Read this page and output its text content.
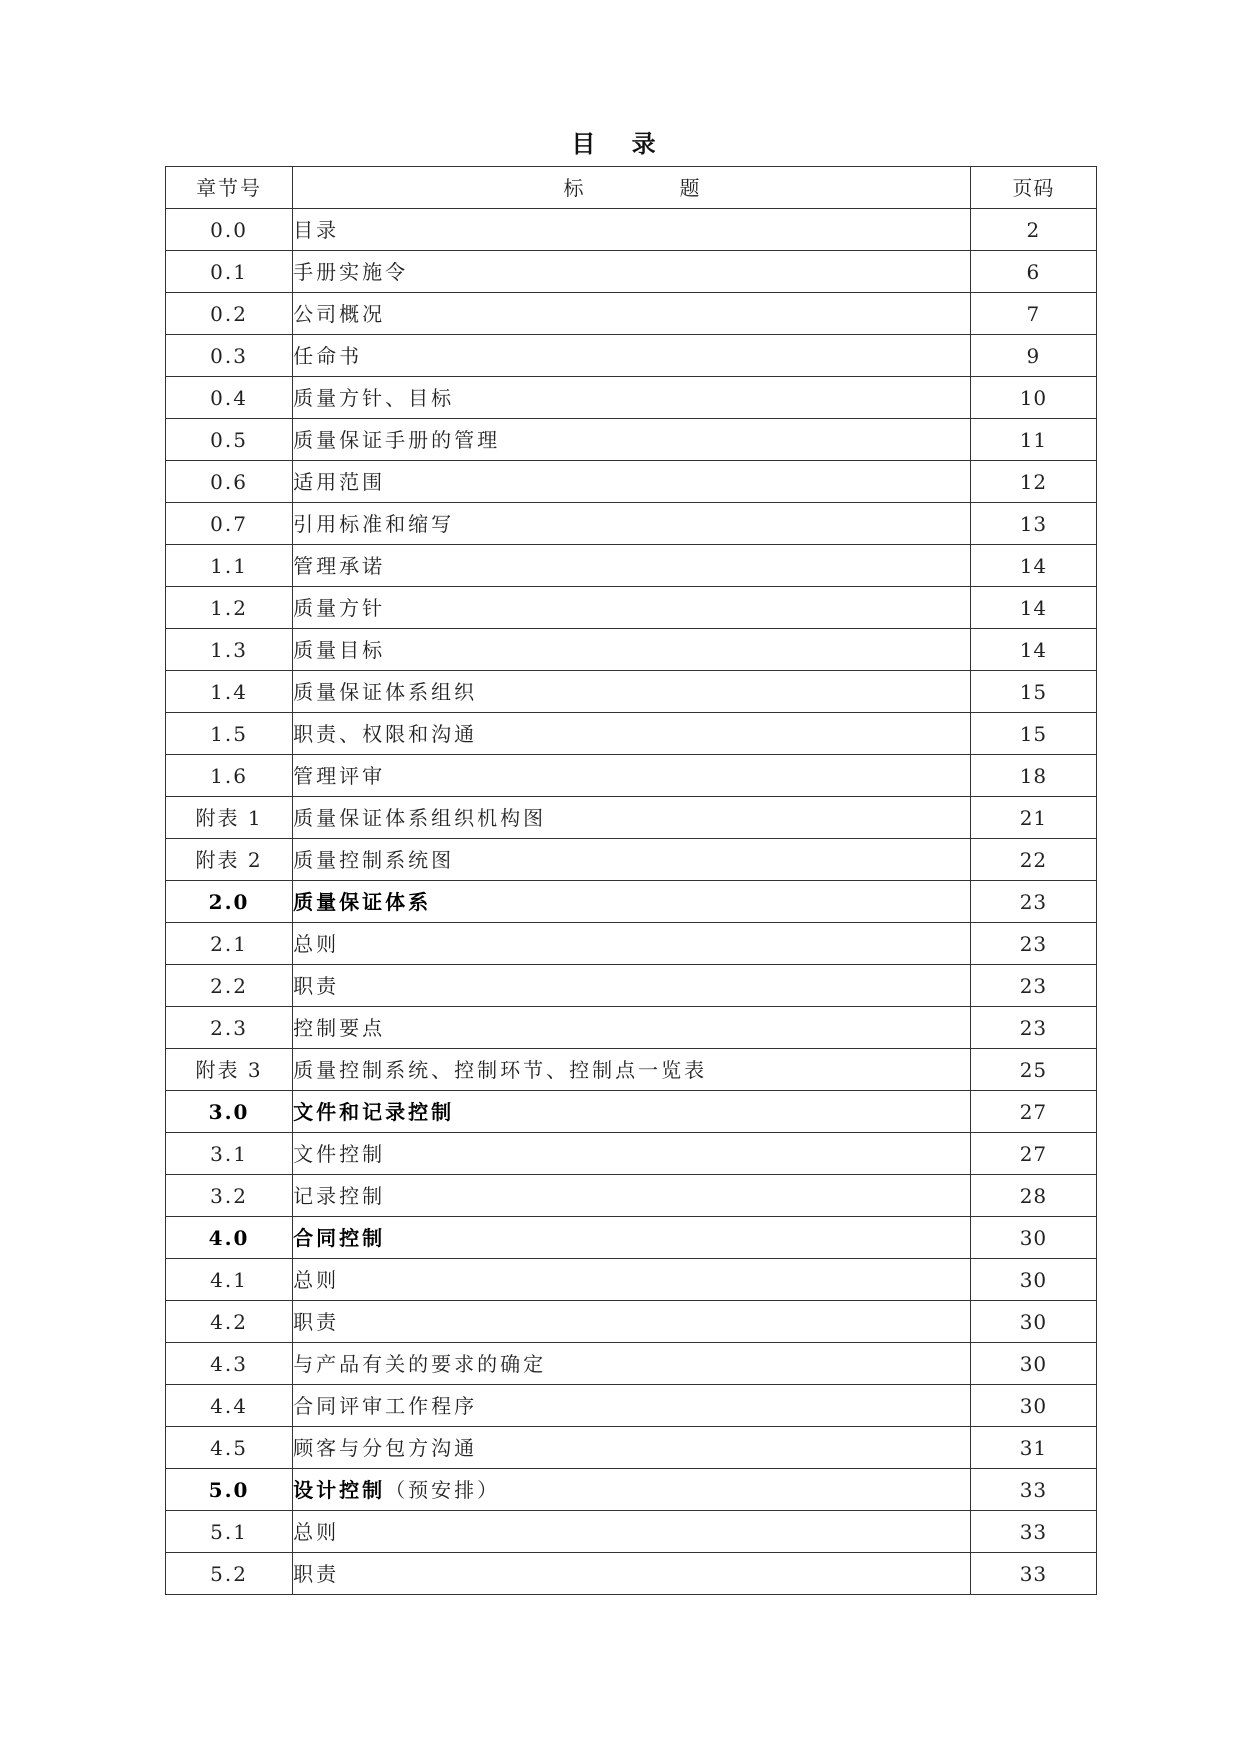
目 录
章节号	标 题	页码
0.0	目录	2
0.1	手册实施令	6
0.2	公司概况	7
0.3	任命书	9
0.4	质量方针、目标	10
0.5	质量保证手册的管理	11
0.6	适用范围	12
0.7	引用标准和缩写	13
1.1	管理承诺	14
1.2	质量方针	14
1.3	质量目标	14
1.4	质量保证体系组织	15
1.5	职责、权限和沟通	15
1.6	管理评审	18
附表 1	质量保证体系组织机构图	21
附表 2	质量控制系统图	22
2.0	质量保证体系	23
2.1	总则	23
2.2	职责	23
2.3	控制要点	23
附表 3	质量控制系统、控制环节、控制点一览表	25
3.0	文件和记录控制	27
3.1	文件控制	27
3.2	记录控制	28
4.0	合同控制	30
4.1	总则	30
4.2	职责	30
4.3	与产品有关的要求的确定	30
4.4	合同评审工作程序	30
4.5	顾客与分包方沟通	31
5.0	设计控制（预安排）	33
5.1	总则	33
5.2	职责	33
